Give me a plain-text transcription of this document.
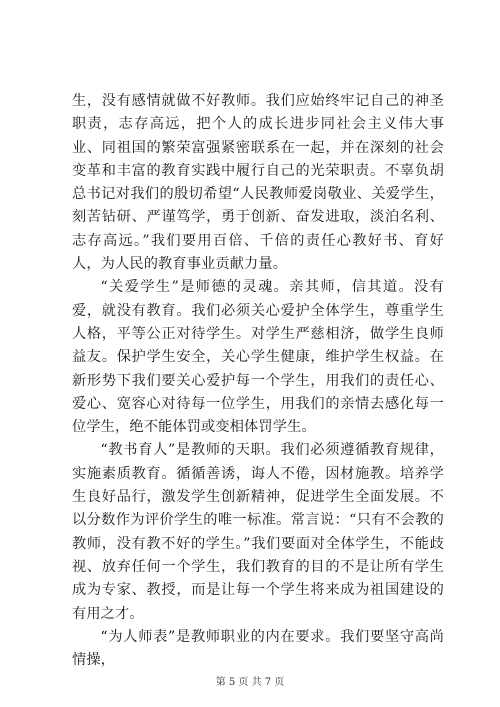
生，没有感情就做不好教师。我们应始终牢记自己的神圣职责，志存高远，把个人的成长进步同社会主义伟大事业、同祖国的繁荣富强紧密联系在一起，并在深刻的社会变革和丰富的教育实践中履行自己的光荣职责。不辜负胡总书记对我们的殷切希望“人民教师爱岗敬业、关爱学生，刻苦钻研、严谨笃学，勇于创新、奋发进取，淡泊名利、志存高远。”我们要用百倍、千倍的责任心教好书、育好人，为人民的教育事业贡献力量。

“关爱学生”是师德的灵魂。亲其师，信其道。没有爱，就没有教育。我们必须关心爱护全体学生，尊重学生人格，平等公正对待学生。对学生严慈相济，做学生良师益友。保护学生安全，关心学生健康，维护学生权益。在新形势下我们要关心爱护每一个学生，用我们的责任心、爱心、宽容心对待每一位学生，用我们的亲情去感化每一位学生，绝不能体罚或变相体罚学生。

“教书育人”是教师的天职。我们必须遵循教育规律，实施素质教育。循循善诱，诲人不倦，因材施教。培养学生良好品行，激发学生创新精神，促进学生全面发展。不以分数作为评价学生的唯一标准。常言说：“只有不会教的教师，没有教不好的学生。”我们要面对全体学生，不能歧视、放弃任何一个学生，我们教育的目的不是让所有学生成为专家、教授，而是让每一个学生将来成为祖国建设的有用之才。

“为人师表”是教师职业的内在要求。我们要坚守高尚情操，

第 5 页 共 7 页
